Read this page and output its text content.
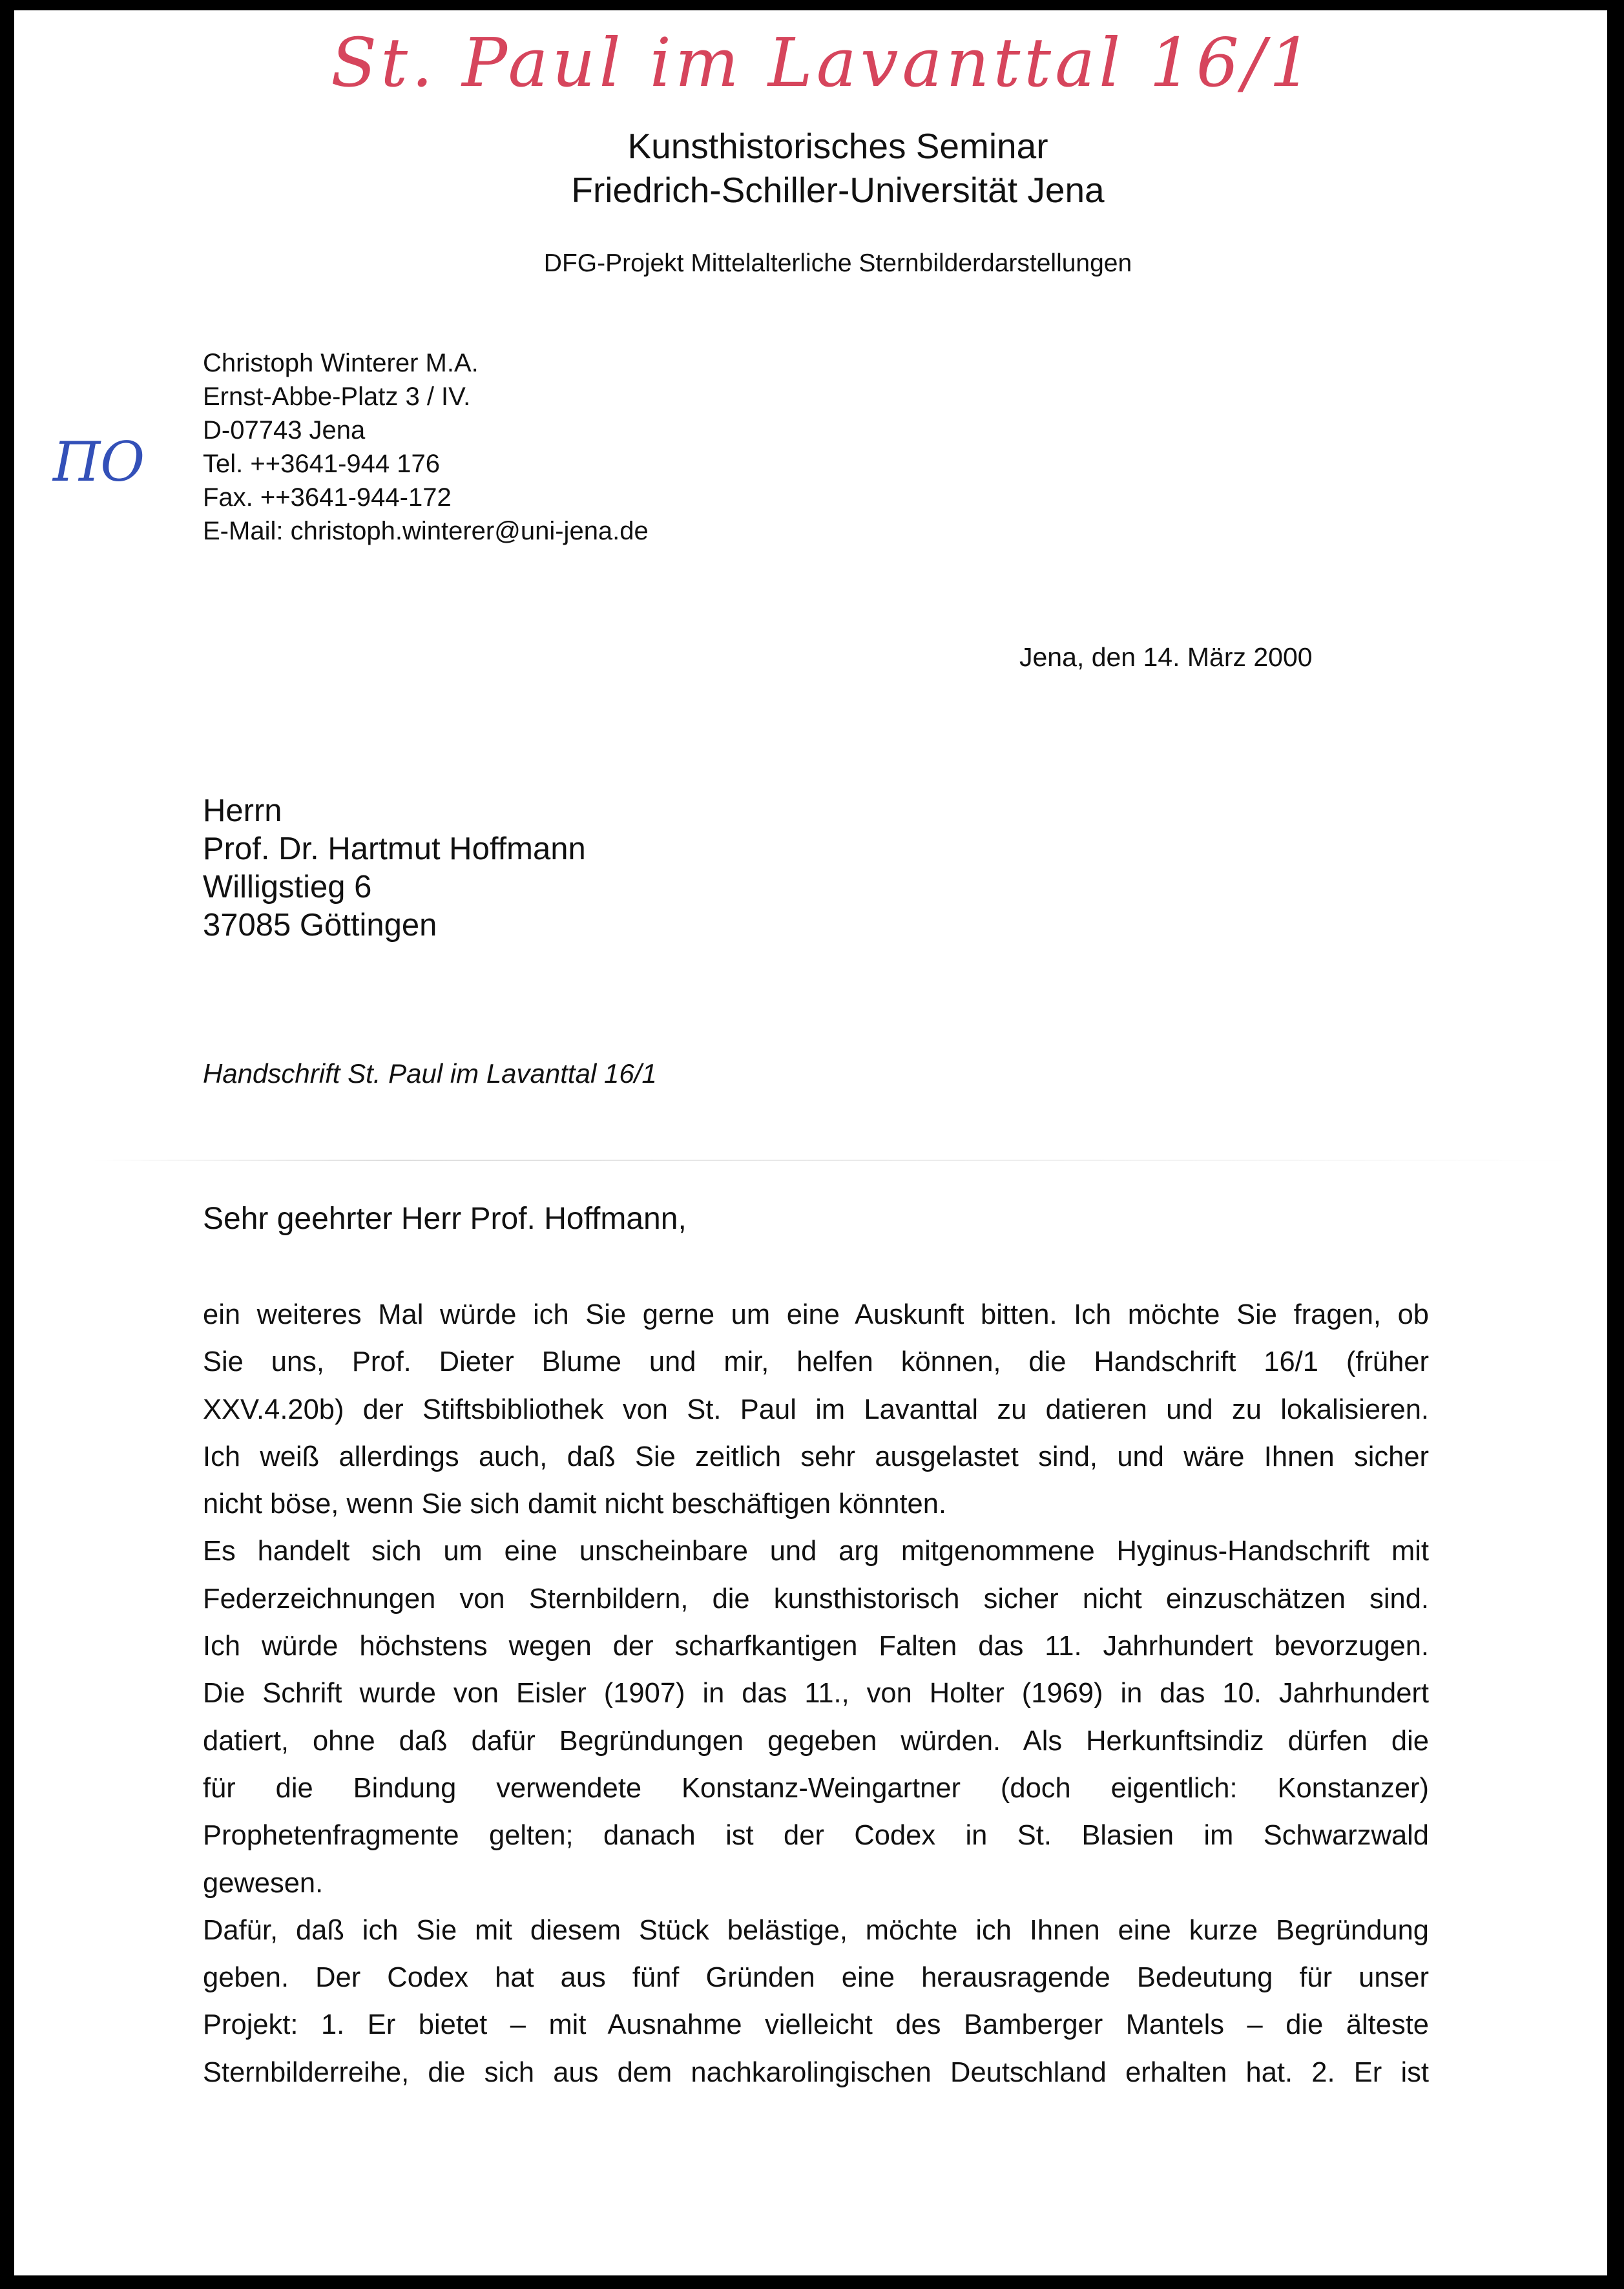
St. Paul im Lavanttal 16/1
ΠO
Kunsthistorisches Seminar
Friedrich-Schiller-Universität Jena
DFG-Projekt Mittelalterliche Sternbilderdarstellungen
Christoph Winterer M.A.
Ernst-Abbe-Platz 3 / IV.
D-07743 Jena
Tel. ++3641-944 176
Fax. ++3641-944-172
E-Mail: christoph.winterer@uni-jena.de
Jena, den 14. März 2000
Herrn
Prof. Dr. Hartmut Hoffmann
Willigstieg 6
37085 Göttingen
Handschrift St. Paul im Lavanttal 16/1
Sehr geehrter Herr Prof. Hoffmann,

ein weiteres Mal würde ich Sie gerne um eine Auskunft bitten. Ich möchte Sie fragen, ob
Sie uns, Prof. Dieter Blume und mir, helfen können, die Handschrift 16/1 (früher
XXV.4.20b) der Stiftsbibliothek von St. Paul im Lavanttal zu datieren und zu lokalisieren.
Ich weiß allerdings auch, daß Sie zeitlich sehr ausgelastet sind, und wäre Ihnen sicher
nicht böse, wenn Sie sich damit nicht beschäftigen könnten.

Es handelt sich um eine unscheinbare und arg mitgenommene Hyginus-Handschrift mit
Federzeichnungen von Sternbildern, die kunsthistorisch sicher nicht einzuschätzen sind.
Ich würde höchstens wegen der scharfkantigen Falten das 11. Jahrhundert bevorzugen.
Die Schrift wurde von Eisler (1907) in das 11., von Holter (1969) in das 10. Jahrhundert
datiert, ohne daß dafür Begründungen gegeben würden. Als Herkunftsindiz dürfen die
für die Bindung verwendete Konstanz-Weingartner (doch eigentlich: Konstanzer)
Prophetenfragmente gelten; danach ist der Codex in St. Blasien im Schwarzwald
gewesen.

Dafür, daß ich Sie mit diesem Stück belästige, möchte ich Ihnen eine kurze Begründung
geben. Der Codex hat aus fünf Gründen eine herausragende Bedeutung für unser
Projekt: 1. Er bietet – mit Ausnahme vielleicht des Bamberger Mantels – die älteste
Sternbilderreihe, die sich aus dem nachkarolingischen Deutschland erhalten hat. 2. Er ist
